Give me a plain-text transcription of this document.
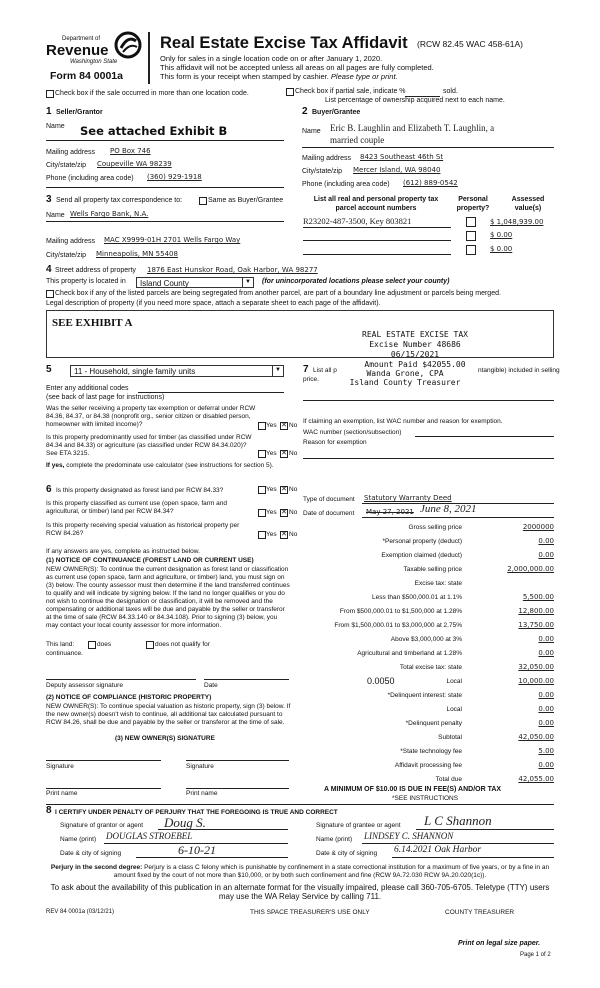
Department of
Revenue
Washington State
Form 84 0001a
Real Estate Excise Tax Affidavit (RCW 82.45 WAC 458-61A)
Only for sales in a single location code on or after January 1, 2020.
This affidavit will not be accepted unless all areas on all pages are fully completed.
This form is your receipt when stamped by cashier. Please type or print.
Check box if the sale occurred in more than one location code.	Check box if partial sale, indicate %	sold.
List percentage of ownership acquired next to each name.
1 Seller/Grantor
Name See attached Exhibit B
Mailing address PO Box 746
City/state/zip Coupeville WA 98239
Phone (including area code) (360) 929-1918
2 Buyer/Grantee
Name Eric B. Laughlin and Elizabeth T. Laughlin, a
married couple
Mailing address 8423 Southeast 46th St
City/state/zip Mercer Island, WA 98040
Phone (including area code) (612) 889-0542
3 Send all property tax correspondence to:	Same as Buyer/Grantee
Name Wells Fargo Bank, N.A.
Mailing address MAC X9999-01H 2701 Wells Fargo Way
City/state/zip Minneapolis, MN 55408
List all real and personal property tax parcel account numbers
Personal property?
Assessed value(s)
R23202-487-3500, Key 803821	$ 1,048,939.00
$ 0.00
$ 0.00
4 Street address of property 1876 East Hunskor Road, Oak Harbor, WA 98277
This property is located in	Island County	▼ (for unincorporated locations please select your county)
Check box if any of the listed parcels are being segregated from another parcel, are part of a boundary line adjustment or parcels being merged.
Legal description of property (if you need more space, attach a separate sheet to each page of the affidavit).
SEE EXHIBIT A
REAL ESTATE EXCISE TAX
Excise Number 48686
06/15/2021
Amount Paid $42055.00
Wanda Grone, CPA
Island County Treasurer
5	11 - Household, single family units	▼
Enter any additional codes
(see back of last page for instructions)
Was the seller receiving a property tax exemption or deferral under RCW 84.36, 84.37, or 84.38 (nonprofit org., senior citizen or disabled person, homeowner with limited income)?	Yes ✕ No
Is this property predominantly used for timber (as classified under RCW 84.34 and 84.33) or agriculture (as classified under RCW 84.34.020)? See ETA 3215.	Yes ✕ No
If yes, complete the predominate use calculator (see instructions for section 5).
7 List all p
price.
ntangible) included in selling
If claiming an exemption, list WAC number and reason for exemption.
WAC number (section/subsection)
Reason for exemption
6 Is this property designated as forest land per RCW 84.33?	Yes ✕ No
Is this property classified as current use (open space, farm and agricultural, or timber) land per RCW 84.34?	Yes ✕ No
Is this property receiving special valuation as historical property per RCW 84.26?	Yes ✕ No
If any answers are yes, complete as instructed below.
(1) NOTICE OF CONTINUANCE (FOREST LAND OR CURRENT USE)
NEW OWNER(S): To continue the current designation as forest land or classification as current use (open space, farm and agriculture, or timber) land, you must sign on (3) below. The county assessor must then determine if the land transferred continues to qualify and will indicate by signing below. If the land no longer qualifies or you do not wish to continue the designation or classification, it will be removed and the compensating or additional taxes will be due and payable by the seller or transferor at the time of sale (RCW 84.33.140 or 84.34.108). Prior to signing (3) below, you may contact your local county assessor for more information.
This land:	does	does not qualify for
continuance.
Deputy assessor signature	Date
(2) NOTICE OF COMPLIANCE (HISTORIC PROPERTY)
NEW OWNER(S): To continue special valuation as historic property, sign (3) below. If the new owner(s) doesn't wish to continue, all additional tax calculated pursuant to RCW 84.26, shall be due and payable by the seller or transferor at the time of sale.
(3) NEW OWNER(S) SIGNATURE
Signature	Signature
Print name	Print name
Type of document Statutory Warranty Deed
Date of document May 27, 2021 June 8, 2021
Gross selling price	2000000
*Personal property (deduct)	0.00
Exemption claimed (deduct)	0.00
Taxable selling price	2,000,000.00
Excise tax: state
Less than $500,000.01 at 1.1%	5,500.00
From $500,000.01 to $1,500,000 at 1.28%	12,800.00
From $1,500,000.01 to $3,000,000 at 2.75%	13,750.00
Above $3,000,000 at 3%	0.00
Agricultural and timberland at 1.28%	0.00
Total excise tax: state	32,050.00
0.0050	Local	10,000.00
*Delinquent interest: state	0.00
Local	0.00
*Delinquent penalty	0.00
Subtotal	42,050.00
*State technology fee	5.00
Affidavit processing fee	0.00
Total due	42,055.00
A MINIMUM OF $10.00 IS DUE IN FEE(S) AND/OR TAX
*SEE INSTRUCTIONS
8 I CERTIFY UNDER PENALTY OF PERJURY THAT THE FOREGOING IS TRUE AND CORRECT
Signature of grantor or agent Doug S.
Name (print) DOUGLAS STROEBEL
Date & city of signing	6-10-21
Signature of grantee or agent L C Shannon
Name (print) LINDSEY C. SHANNON
Date & city of signing 6.14.2021 Oak Harbor
Perjury in the second degree: Perjury is a class C felony which is punishable by confinement in a state correctional institution for a maximum of five years, or by a fine in an amount fixed by the court of not more than $10,000, or by both such confinement and fine (RCW 9A.72.030 RCW 9A.20.020(1c)).
To ask about the availability of this publication in an alternate format for the visually impaired, please call 360-705-6705. Teletype (TTY) users may use the WA Relay Service by calling 711.
REV 84 0001a (03/12/21)	THIS SPACE TREASURER'S USE ONLY	COUNTY TREASURER
Print on legal size paper.
Page 1 of 2
